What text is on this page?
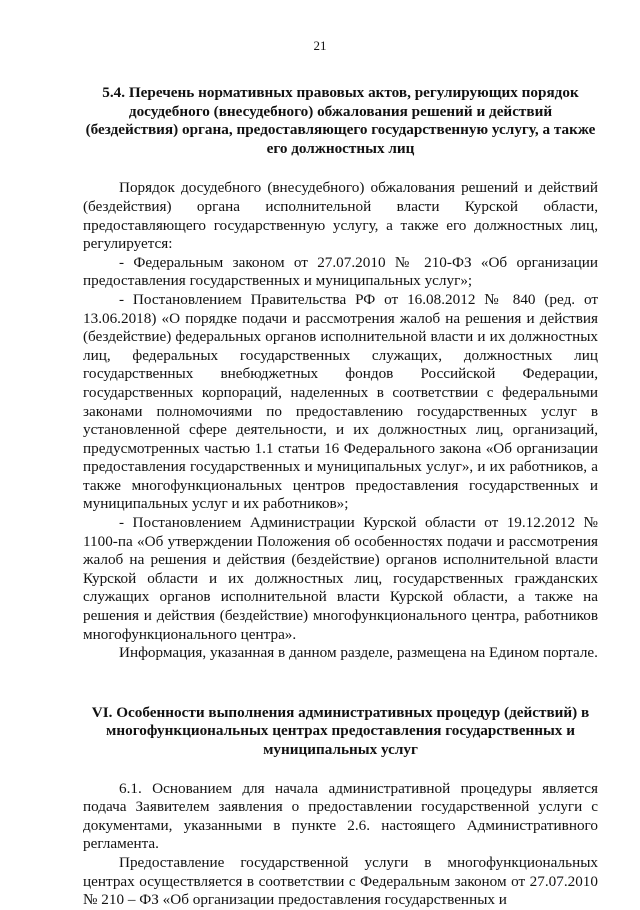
21
5.4. Перечень нормативных правовых актов, регулирующих порядок досудебного (внесудебного) обжалования решений и действий (бездействия) органа, предоставляющего государственную услугу, а также его должностных лиц

Порядок досудебного (внесудебного) обжалования решений и действий (бездействия) органа исполнительной власти Курской области, предоставляющего государственную услугу, а также его должностных лиц, регулируется:

- Федеральным законом от 27.07.2010 № 210-ФЗ «Об организации предоставления государственных и муниципальных услуг»;

- Постановлением Правительства РФ от 16.08.2012 № 840 (ред. от 13.06.2018) «О порядке подачи и рассмотрения жалоб на решения и действия (бездействие) федеральных органов исполнительной власти и их должностных лиц, федеральных государственных служащих, должностных лиц государственных внебюджетных фондов Российской Федерации, государственных корпораций, наделенных в соответствии с федеральными законами полномочиями по предоставлению государственных услуг в установленной сфере деятельности, и их должностных лиц, организаций, предусмотренных частью 1.1 статьи 16 Федерального закона «Об организации предоставления государственных и муниципальных услуг», и их работников, а также многофункциональных центров предоставления государственных и муниципальных услуг и их работников»;

- Постановлением Администрации Курской области от 19.12.2012 № 1100-па «Об утверждении Положения об особенностях подачи и рассмотрения жалоб на решения и действия (бездействие) органов исполнительной власти Курской области и их должностных лиц, государственных гражданских служащих органов исполнительной власти Курской области, а также на решения и действия (бездействие) многофункционального центра, работников многофункционального центра».

Информация, указанная в данном разделе, размещена на Едином портале.

VI. Особенности выполнения административных процедур (действий) в многофункциональных центрах предоставления государственных и муниципальных услуг

6.1. Основанием для начала административной процедуры является подача Заявителем заявления о предоставлении государственной услуги с документами, указанными в пункте 2.6. настоящего Административного регламента.

Предоставление государственной услуги в многофункциональных центрах осуществляется в соответствии с Федеральным законом от 27.07.2010 № 210 – ФЗ «Об организации предоставления государственных и
